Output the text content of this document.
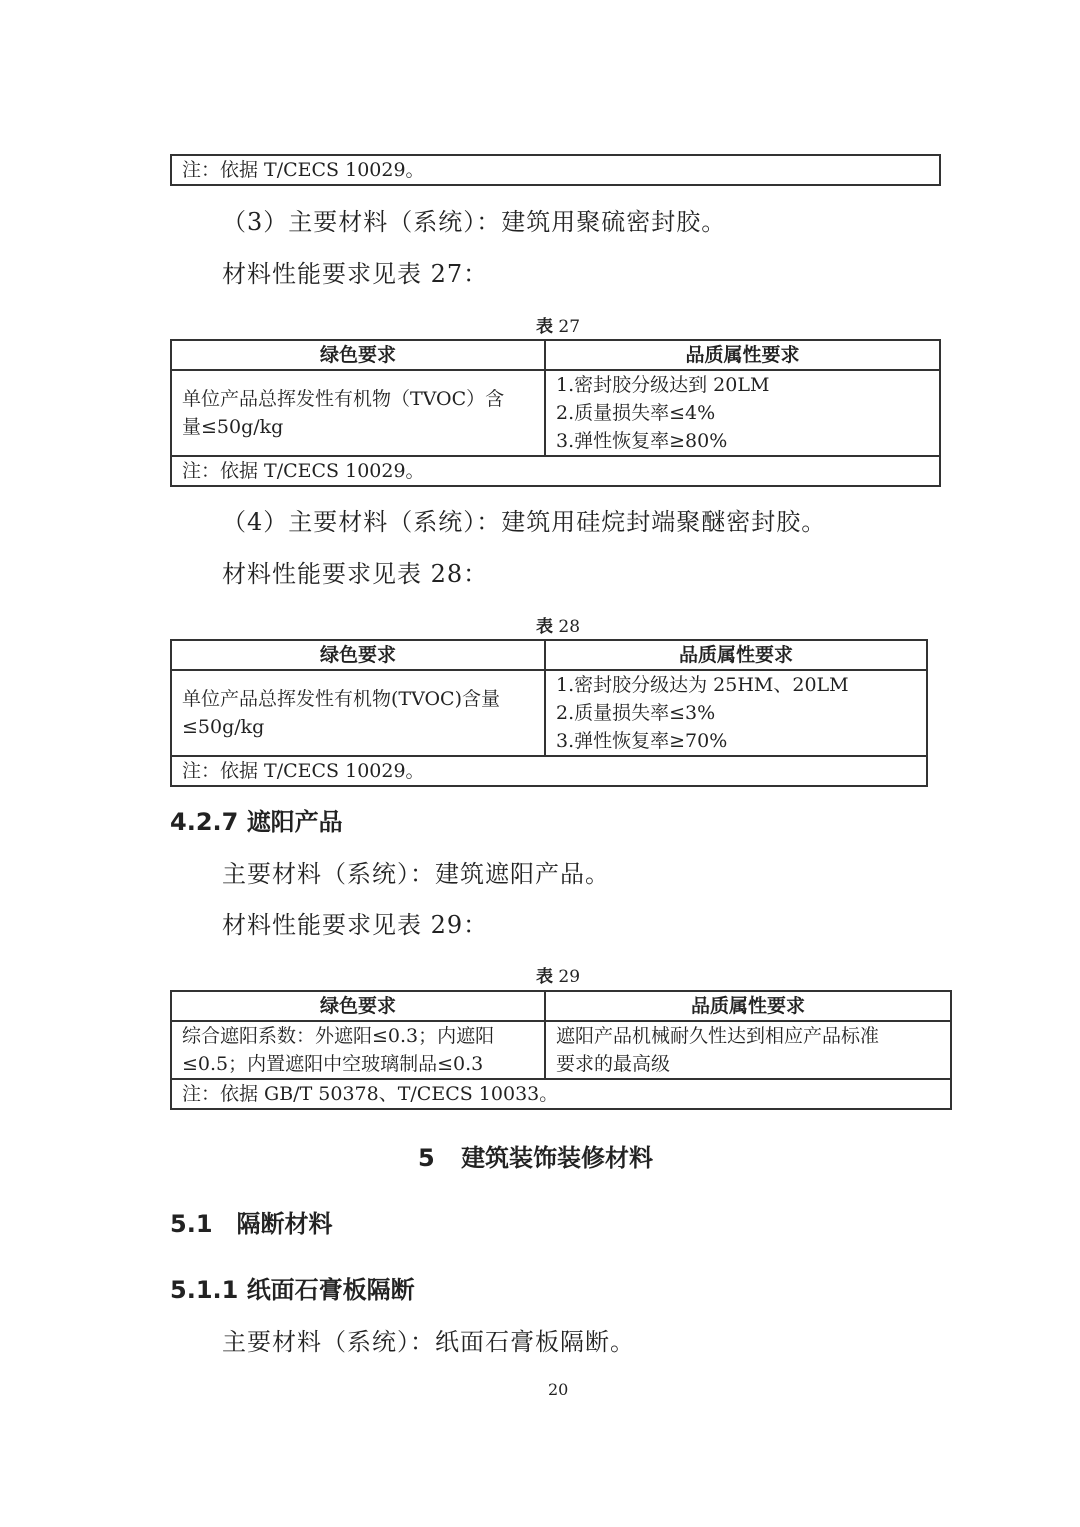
注：依据 T/CECS 10029。
（3）主要材料（系统）：建筑用聚硫密封胶。
材料性能要求见表 27：
表 27
绿色要求	品质属性要求

单位产品总挥发性有机物（TVOC）含
量≤50g/kg	1.密封胶分级达到 20LM
2.质量损失率≤4%
3.弹性恢复率≥80%

注：依据 T/CECS 10029。	
（4）主要材料（系统）：建筑用硅烷封端聚醚密封胶。
材料性能要求见表 28：
表 28
绿色要求	品质属性要求

单位产品总挥发性有机物(TVOC)含量
≤50g/kg	1.密封胶分级达为 25HM、20LM
2.质量损失率≤3%
3.弹性恢复率≥70%

注：依据 T/CECS 10029。	
4.2.7 遮阳产品
主要材料（系统）：建筑遮阳产品。
材料性能要求见表 29：
表 29
绿色要求	品质属性要求

综合遮阳系数：外遮阳≤0.3；内遮阳
≤0.5；内置遮阳中空玻璃制品≤0.3	遮阳产品机械耐久性达到相应产品标准
要求的最高级

注：依据 GB/T 50378、T/CECS 10033。	
5 建筑装饰装修材料
5.1　隔断材料
5.1.1 纸面石膏板隔断
主要材料（系统）：纸面石膏板隔断。
20
